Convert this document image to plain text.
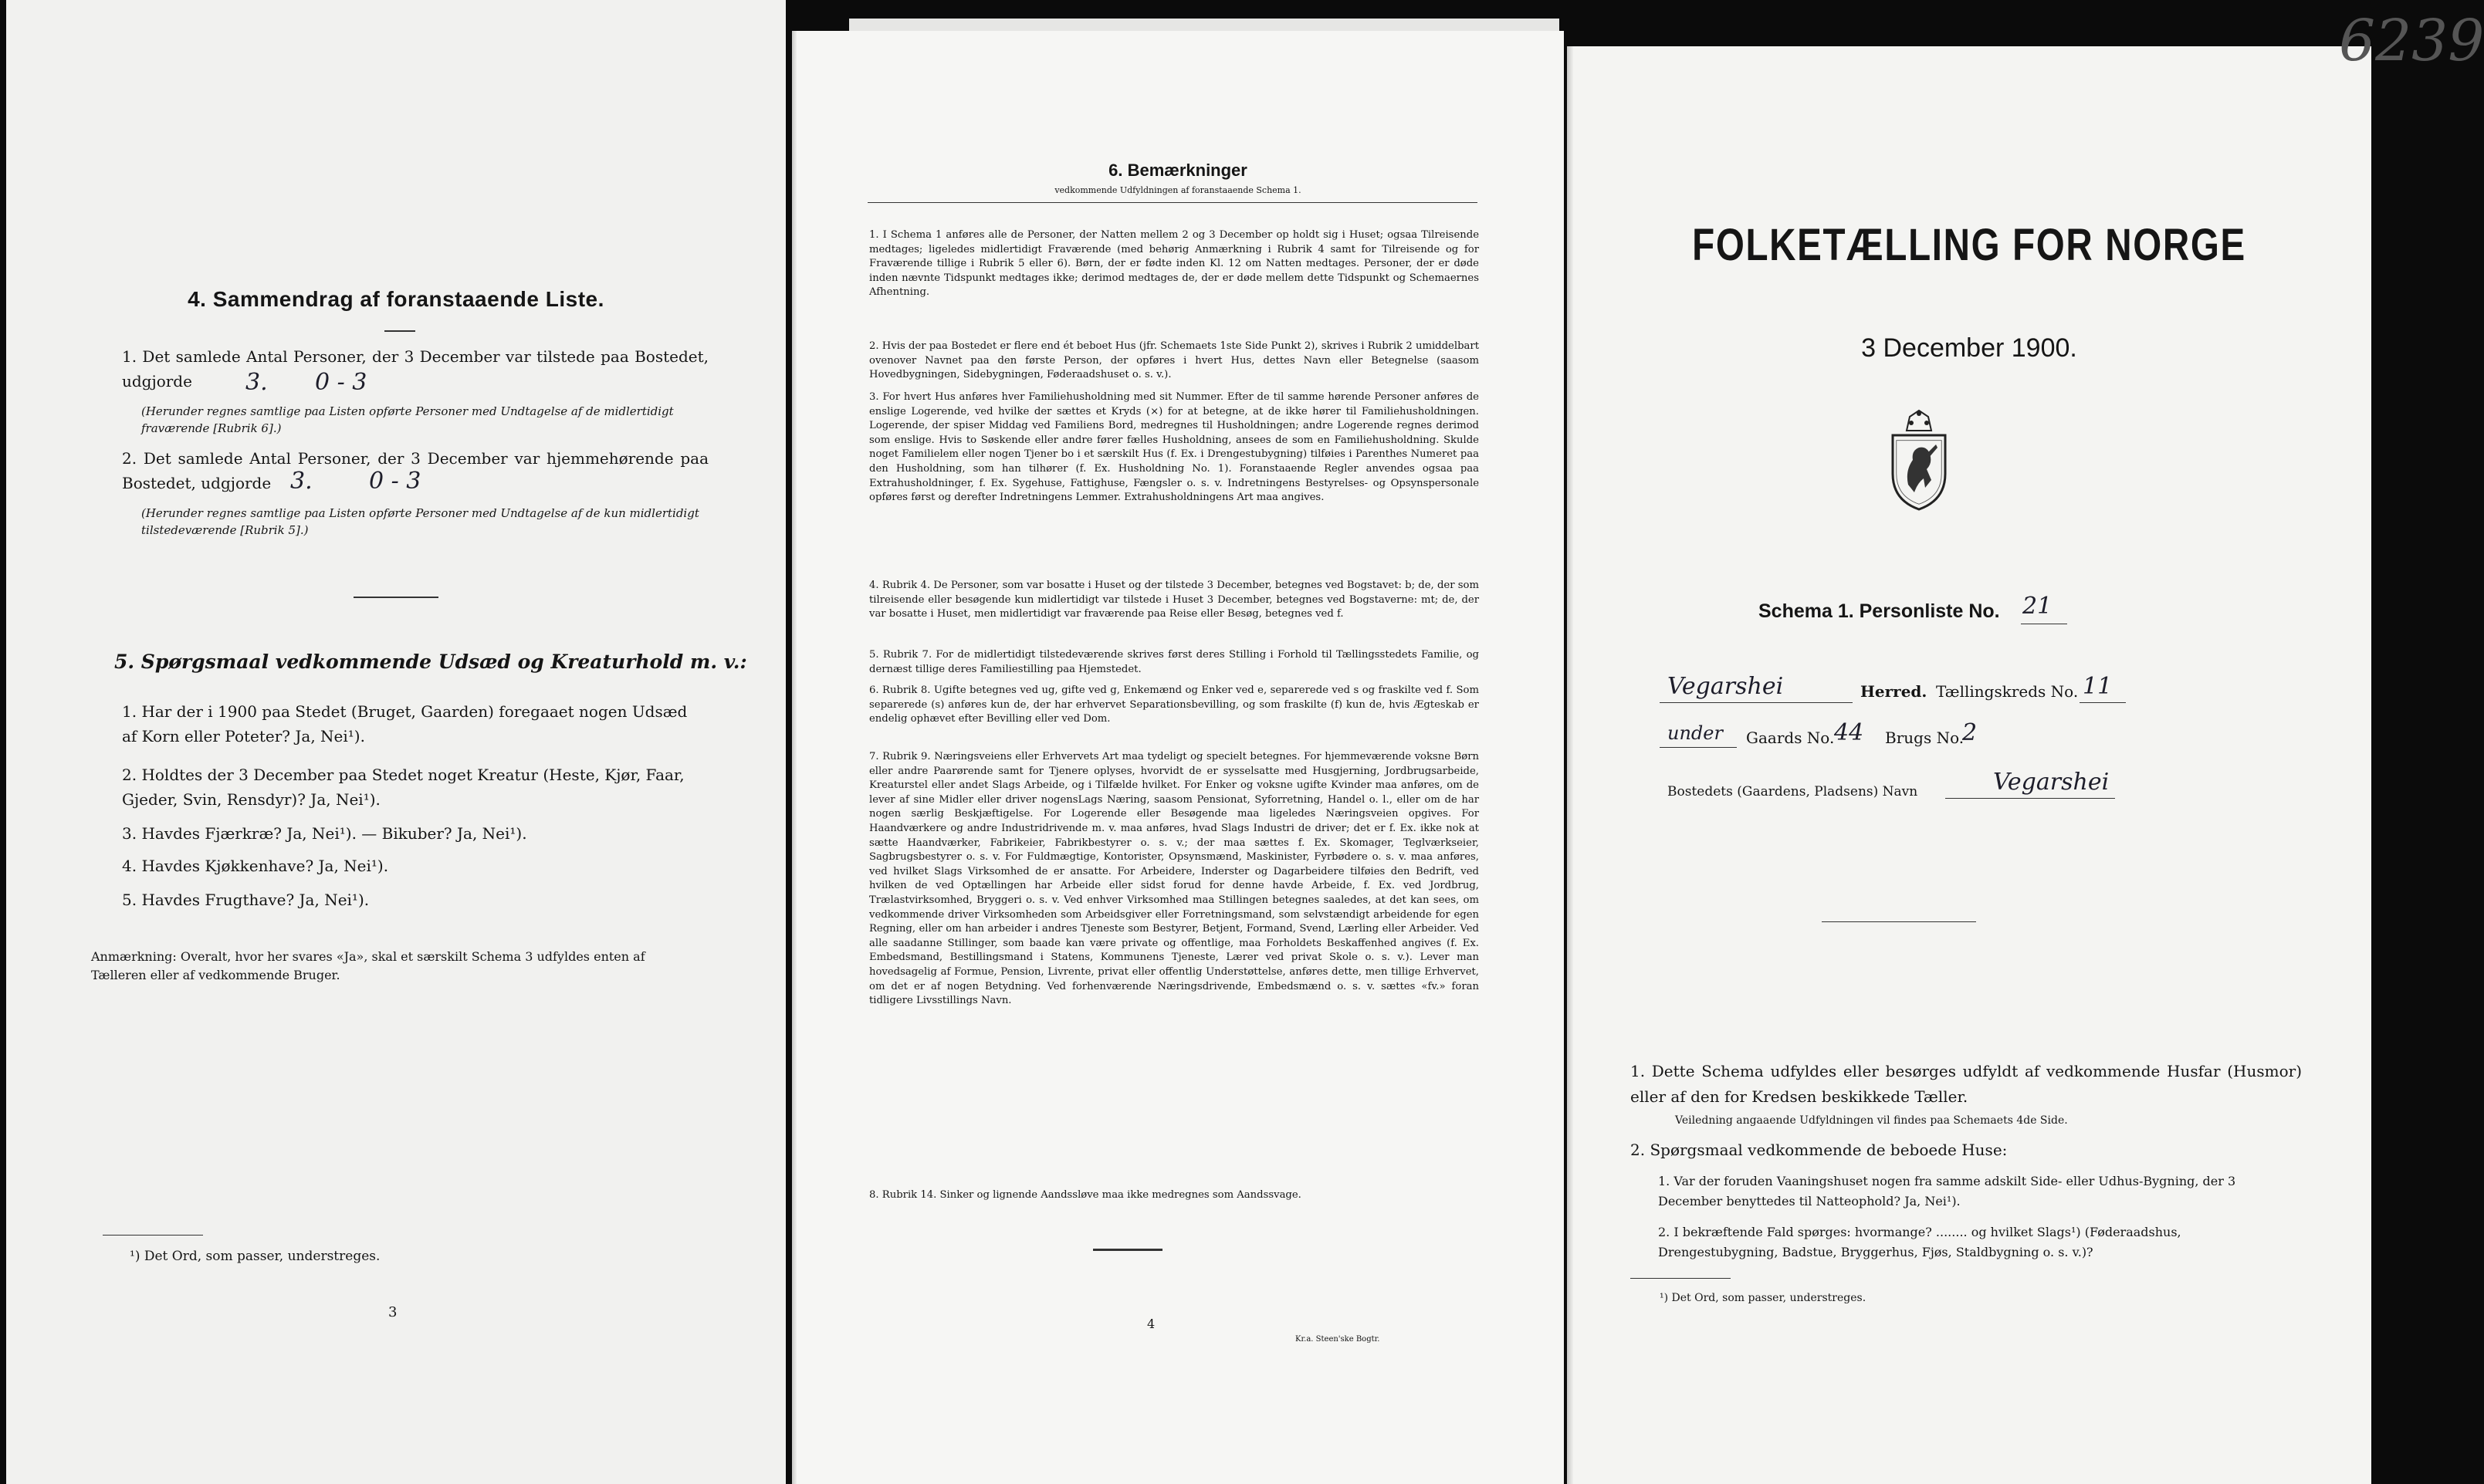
4. Sammendrag af foranstaaende Liste.
1. Det samlede Antal Personer, der 3 December var tilstede paa Bostedet, udgjorde	3. 0 - 3
(Herunder regnes samtlige paa Listen opførte Personer med Undtagelse af de midlertidigt fraværende [Rubrik 6].)
2. Det samlede Antal Personer, der 3 December var hjemmehørende paa Bostedet, udgjorde 3. 0 - 3
(Herunder regnes samtlige paa Listen opførte Personer med Undtagelse af de kun midlertidigt tilstedeværende [Rubrik 5].)
5. Spørgsmaal vedkommende Udsæd og Kreaturhold m. v.:
1. Har der i 1900 paa Stedet (Bruget, Gaarden) foregaaet nogen Udsæd af Korn eller Poteter? Ja, Nei¹).
2. Holdtes der 3 December paa Stedet noget Kreatur (Heste, Kjør, Faar, Gjeder, Svin, Rensdyr)? Ja, Nei¹).
3. Havdes Fjærkræ? Ja, Nei¹). — Bikuber? Ja, Nei¹).
4. Havdes Kjøkkenhave? Ja, Nei¹).
5. Havdes Frugthave? Ja, Nei¹).
Anmærkning: Overalt, hvor her svares «Ja», skal et særskilt Schema 3 udfyldes enten af Tælleren eller af vedkommende Bruger.
¹) Det Ord, som passer, understreges.
3
6. Bemærkninger
vedkommende Udfyldningen af foranstaaende Schema 1.
1. I Schema 1 anføres alle de Personer, der Natten mellem 2 og 3 December op holdt sig i Huset; ogsaa Tilreisende medtages; ligeledes midlertidigt Fraværende (med behørig Anmærkning i Rubrik 4 samt for Tilreisende og for Fraværende tillige i Rubrik 5 eller 6). Børn, der er fødte inden Kl. 12 om Natten medtages. Personer, der er døde inden nævnte Tidspunkt medtages ikke; derimod medtages de, der er døde mellem dette Tidspunkt og Schemaernes Afhentning.
2. Hvis der paa Bostedet er flere end ét beboet Hus (jfr. Schemaets 1ste Side Punkt 2), skrives i Rubrik 2 umiddelbart ovenover Navnet paa den første Person, der opføres i hvert Hus, dettes Navn eller Betegnelse (saasom Hovedbygningen, Sidebygningen, Føderaadshuset o. s. v.).
3. For hvert Hus anføres hver Familiehusholdning med sit Nummer. Efter de til samme hørende Personer anføres de enslige Logerende, ved hvilke der sættes et Kryds (×) for at betegne, at de ikke hører til Familiehusholdningen. Logerende, der spiser Middag ved Familiens Bord, medregnes til Husholdningen; andre Logerende regnes derimod som enslige. Hvis to Søskende eller andre fører fælles Husholdning, ansees de som en Familiehusholdning. Skulde noget Familielem eller nogen Tjener bo i et særskilt Hus (f. Ex. i Drengestubygning) tilføies i Parenthes Numeret paa den Husholdning, som han tilhører (f. Ex. Husholdning No. 1). Foranstaaende Regler anvendes ogsaa paa Extrahusholdninger, f. Ex. Sygehuse, Fattighuse, Fængsler o. s. v. Indretningens Bestyrelses- og Opsynspersonale opføres først og derefter Indretningens Lemmer. Extrahusholdningens Art maa angives.
4. Rubrik 4. De Personer, som var bosatte i Huset og der tilstede 3 December, betegnes ved Bogstavet: b; de, der som tilreisende eller besøgende kun midlertidigt var tilstede i Huset 3 December, betegnes ved Bogstaverne: mt; de, der var bosatte i Huset, men midlertidigt var fraværende paa Reise eller Besøg, betegnes ved f.
5. Rubrik 7. For de midlertidigt tilstedeværende skrives først deres Stilling i Forhold til Tællingsstedets Familie, og dernæst tillige deres Familiestilling paa Hjemstedet.
6. Rubrik 8. Ugifte betegnes ved ug, gifte ved g, Enkemænd og Enker ved e, separerede ved s og fraskilte ved f. Som separerede (s) anføres kun de, der har erhvervet Separationsbevilling, og som fraskilte (f) kun de, hvis Ægteskab er endelig ophævet efter Bevilling eller ved Dom.
7. Rubrik 9. Næringsveiens eller Erhvervets Art maa tydeligt og specielt betegnes. For hjemmeværende voksne Børn eller andre Paarørende samt for Tjenere oplyses, hvorvidt de er sysselsatte med Husgjerning, Jordbrugsarbeide, Kreaturstel eller andet Slags Arbeide, og i Tilfælde hvilket. For Enker og voksne ugifte Kvinder maa anføres, om de lever af sine Midler eller driver nogensLags Næring, saasom Pensionat, Syforretning, Handel o. l., eller om de har nogen særlig Beskjæftigelse. For Logerende eller Besøgende maa ligeledes Næringsveien opgives. For Haandværkere og andre Industridrivende m. v. maa anføres, hvad Slags Industri de driver; det er f. Ex. ikke nok at sætte Haandværker, Fabrikeier, Fabrikbestyrer o. s. v.; der maa sættes f. Ex. Skomager, Teglværkseier, Sagbrugsbestyrer o. s. v. For Fuldmægtige, Kontorister, Opsynsmænd, Maskinister, Fyrbødere o. s. v. maa anføres, ved hvilket Slags Virksomhed de er ansatte. For Arbeidere, Inderster og Dagarbeidere tilføies den Bedrift, ved hvilken de ved Optællingen har Arbeide eller sidst forud for denne havde Arbeide, f. Ex. ved Jordbrug, Trælastvirksomhed, Bryggeri o. s. v. Ved enhver Virksomhed maa Stillingen betegnes saaledes, at det kan sees, om vedkommende driver Virksomheden som Arbeidsgiver eller Forretningsmand, som selvstændigt arbeidende for egen Regning, eller om han arbeider i andres Tjeneste som Bestyrer, Betjent, Formand, Svend, Lærling eller Arbeider. Ved alle saadanne Stillinger, som baade kan være private og offentlige, maa Forholdets Beskaffenhed angives (f. Ex. Embedsmand, Bestillingsmand i Statens, Kommunens Tjeneste, Lærer ved privat Skole o. s. v.). Lever man hovedsagelig af Formue, Pension, Livrente, privat eller offentlig Understøttelse, anføres dette, men tillige Erhvervet, om det er af nogen Betydning. Ved forhenværende Næringsdrivende, Embedsmænd o. s. v. sættes «fv.» foran tidligere Livsstillings Navn.
8. Rubrik 14. Sinker og lignende Aandssløve maa ikke medregnes som Aandssvage.
4
Kr.a. Steen'ske Bogtr.
6239
FOLKETÆLLING FOR NORGE
3 December 1900.
Schema 1. Personliste No. 21
Vegarshei	Herred. Tællingskreds No. 11
under Gaards No. 44 Brugs No.
2
Bostedets (Gaardens, Pladsens) Navn	Vegarshei
1. Dette Schema udfyldes eller besørges udfyldt af vedkommende Husfar (Husmor) eller af den for Kredsen beskikkede Tæller.
Veiledning angaaende Udfyldningen vil findes paa Schemaets 4de Side.
2. Spørgsmaal vedkommende de beboede Huse:
1. Var der foruden Vaaningshuset nogen fra samme adskilt Side- eller Udhus-Bygning, der 3 December benyttedes til Natteophold? Ja, Nei¹).
2. I bekræftende Fald spørges: hvormange? ........ og hvilket Slags¹) (Føderaadshus, Drengestubygning, Badstue, Bryggerhus, Fjøs, Staldbygning o. s. v.)?
¹) Det Ord, som passer, understreges.
